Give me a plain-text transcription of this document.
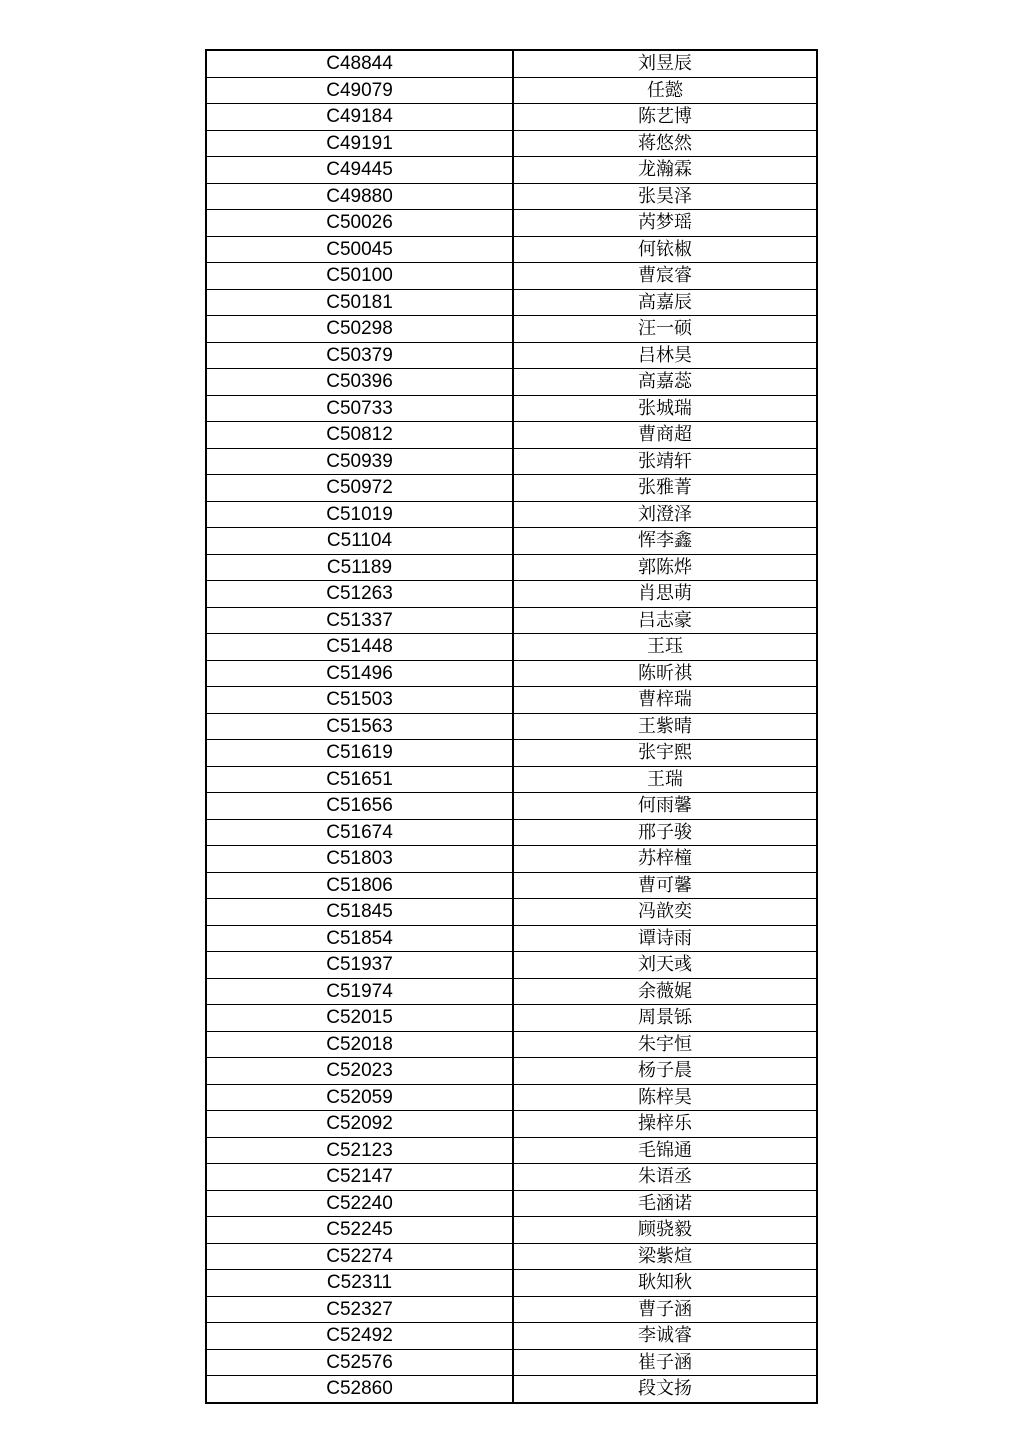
C48844	刘昱辰
C49079	任懿
C49184	陈艺博
C49191	蒋悠然
C49445	龙瀚霖
C49880	张昊泽
C50026	芮梦瑶
C50045	何铱椒
C50100	曹宸睿
C50181	高嘉辰
C50298	汪一硕
C50379	吕林昊
C50396	高嘉蕊
C50733	张城瑞
C50812	曹商超
C50939	张靖轩
C50972	张雅菁
C51019	刘澄泽
C51104	恽李鑫
C51189	郭陈烨
C51263	肖思萌
C51337	吕志豪
C51448	王珏
C51496	陈昕祺
C51503	曹梓瑞
C51563	王紫晴
C51619	张宇熙
C51651	王瑞
C51656	何雨馨
C51674	邢子骏
C51803	苏梓橦
C51806	曹可馨
C51845	冯歆奕
C51854	谭诗雨
C51937	刘天彧
C51974	余薇娓
C52015	周景铄
C52018	朱宇恒
C52023	杨子晨
C52059	陈梓昊
C52092	操梓乐
C52123	毛锦通
C52147	朱语丞
C52240	毛涵诺
C52245	顾骁毅
C52274	梁紫煊
C52311	耿知秋
C52327	曹子涵
C52492	李诚睿
C52576	崔子涵
C52860	段文扬
